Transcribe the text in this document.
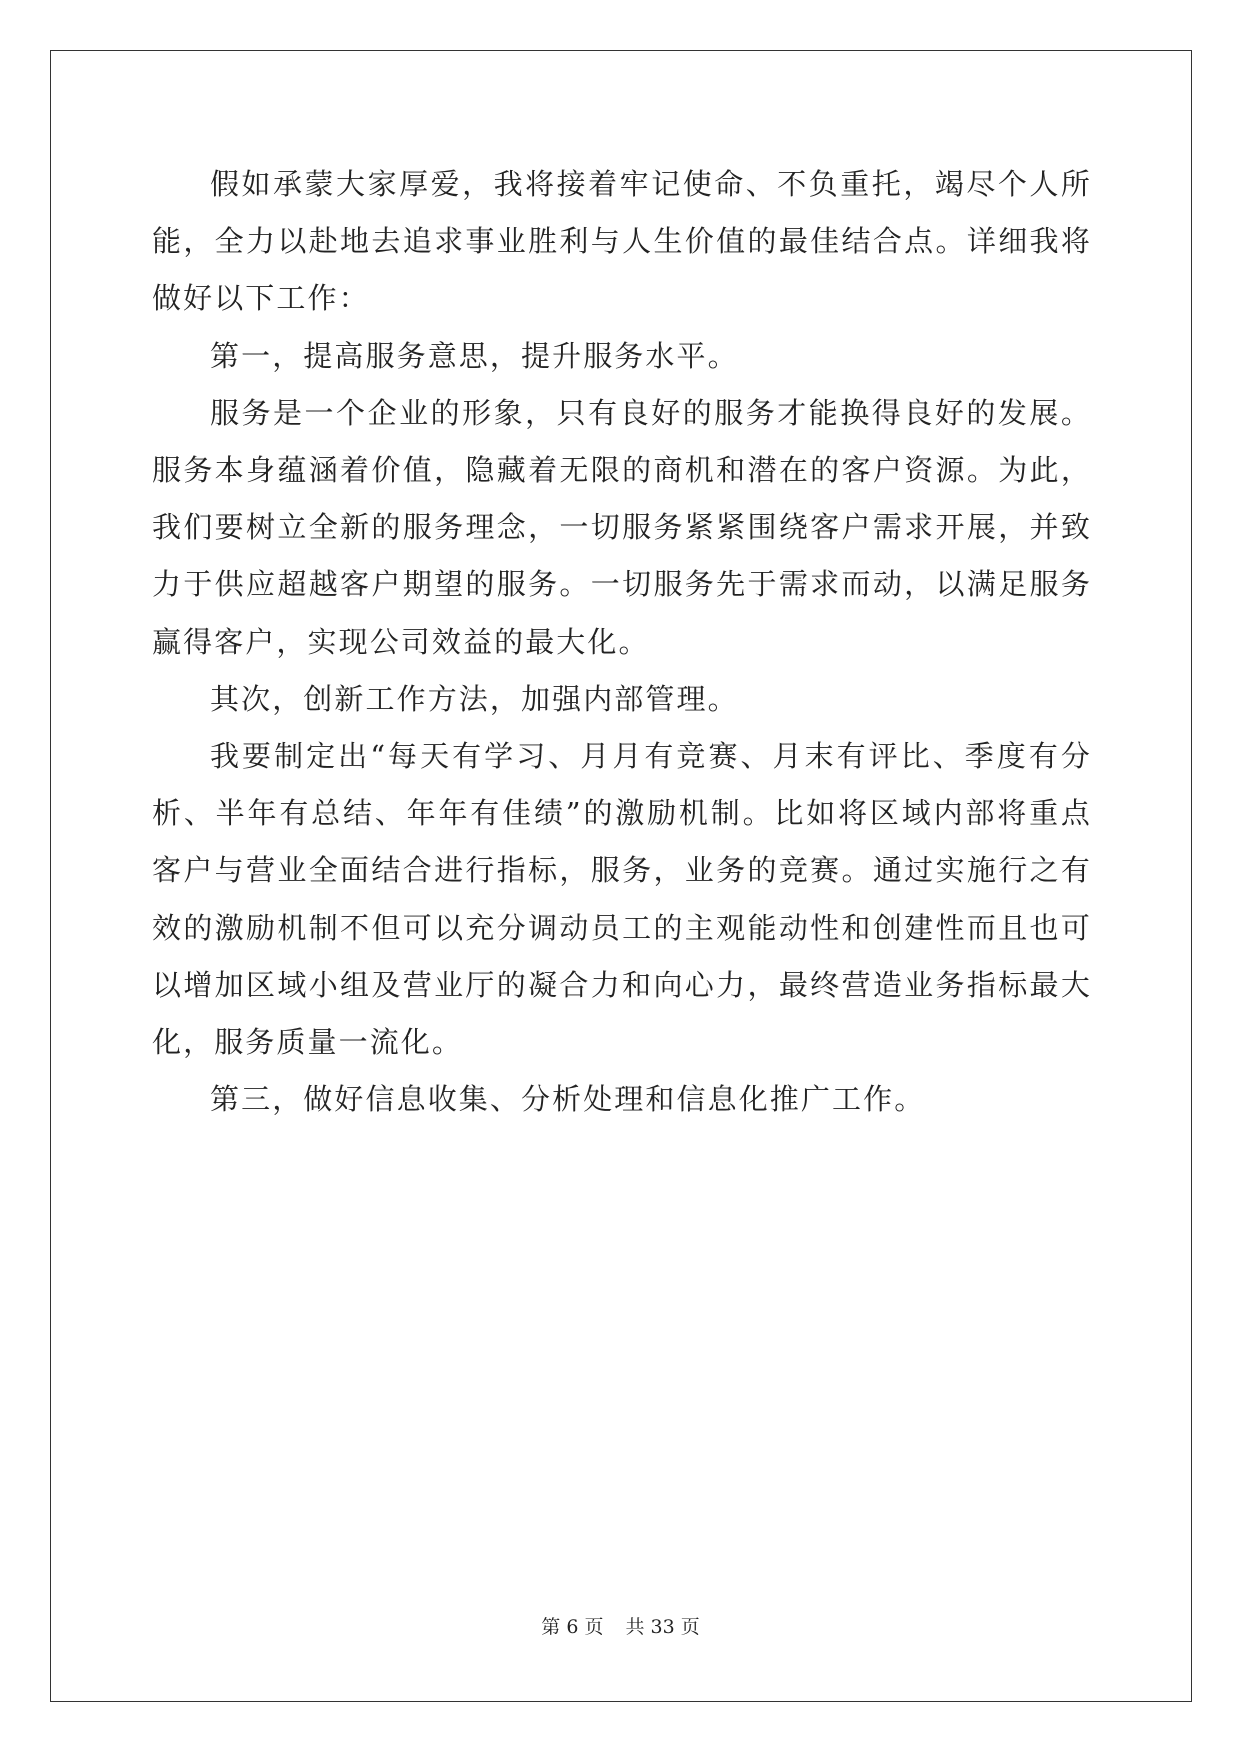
假如承蒙大家厚爱，我将接着牢记使命、不负重托，竭尽个人所能，全力以赴地去追求事业胜利与人生价值的最佳结合点。详细我将做好以下工作：

第一，提高服务意思，提升服务水平。

服务是一个企业的形象，只有良好的服务才能换得良好的发展。服务本身蕴涵着价值，隐藏着无限的商机和潜在的客户资源。为此，我们要树立全新的服务理念，一切服务紧紧围绕客户需求开展，并致力于供应超越客户期望的服务。一切服务先于需求而动，以满足服务赢得客户，实现公司效益的最大化。

其次，创新工作方法，加强内部管理。

我要制定出“每天有学习、月月有竞赛、月末有评比、季度有分析、半年有总结、年年有佳绩”的激励机制。比如将区域内部将重点客户与营业全面结合进行指标，服务，业务的竞赛。通过实施行之有效的激励机制不但可以充分调动员工的主观能动性和创建性而且也可以增加区域小组及营业厅的凝合力和向心力，最终营造业务指标最大化，服务质量一流化。

第三，做好信息收集、分析处理和信息化推广工作。

第 6 页 共 33 页
